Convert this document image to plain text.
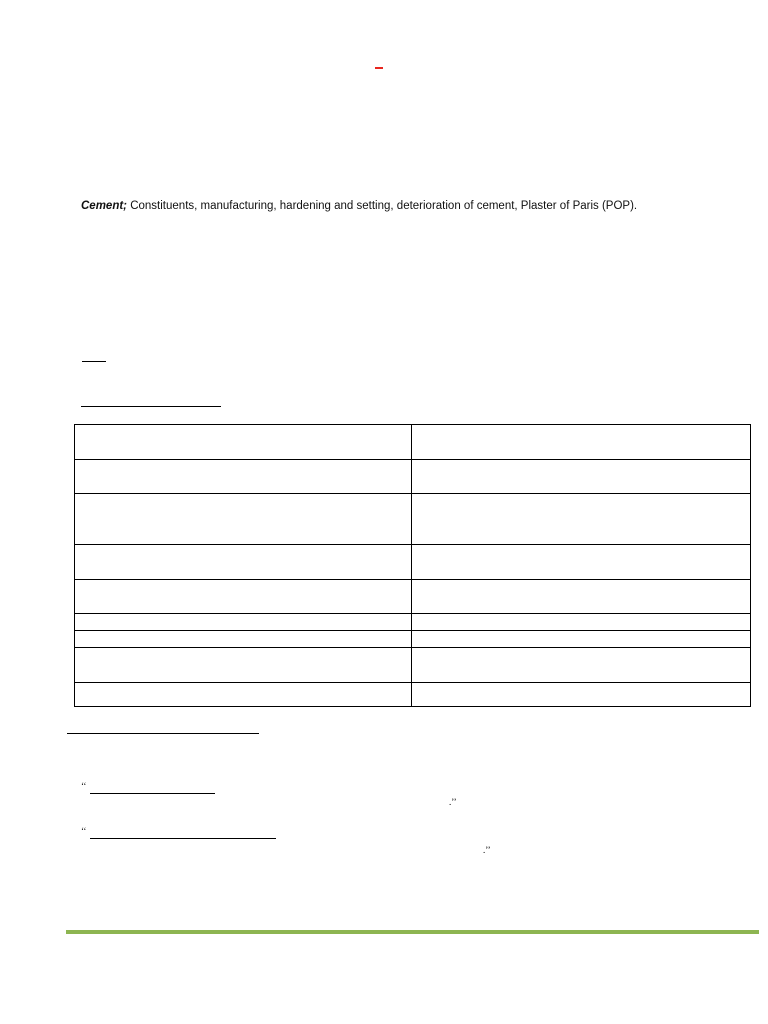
Cement; Constituents, manufacturing, hardening and setting, deterioration of cement, Plaster of Paris (POP).

‘‘
.’’
‘‘
.’’
